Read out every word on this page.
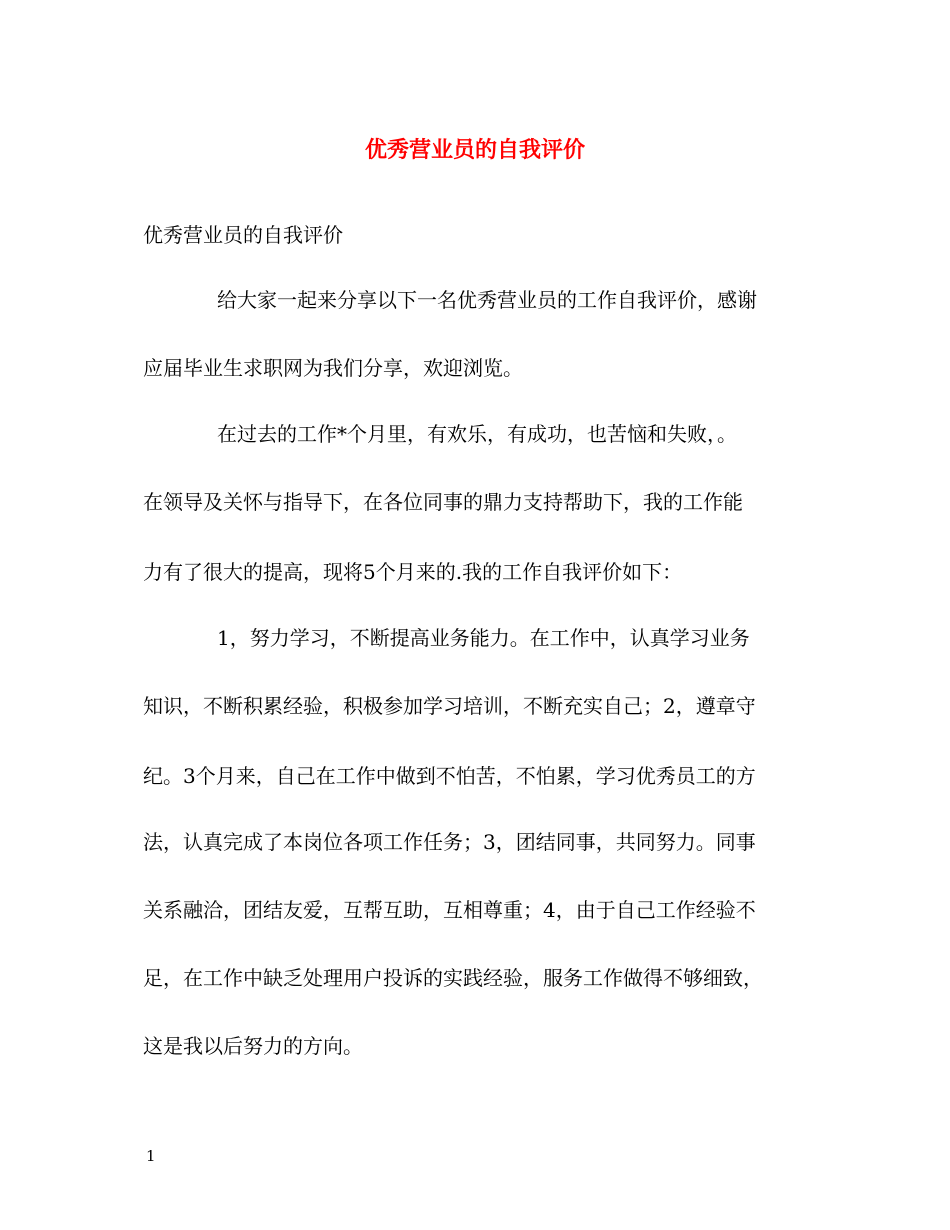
优秀营业员的自我评价
优秀营业员的自我评价
给大家一起来分享以下一名优秀营业员的工作自我评价，感谢
应届毕业生求职网为我们分享，欢迎浏览。
在过去的工作*个月里，有欢乐，有成功，也苦恼和失败，。
在领导及关怀与指导下，在各位同事的鼎力支持帮助下，我的工作能
力有了很大的提高，现将5个月来的.我的工作自我评价如下：
1，努力学习，不断提高业务能力。在工作中，认真学习业务
知识，不断积累经验，积极参加学习培训，不断充实自己；2，遵章守
纪。3个月来，自己在工作中做到不怕苦，不怕累，学习优秀员工的方
法，认真完成了本岗位各项工作任务；3，团结同事，共同努力。同事
关系融洽，团结友爱，互帮互助，互相尊重；4，由于自己工作经验不
足，在工作中缺乏处理用户投诉的实践经验，服务工作做得不够细致，
这是我以后努力的方向。
1
